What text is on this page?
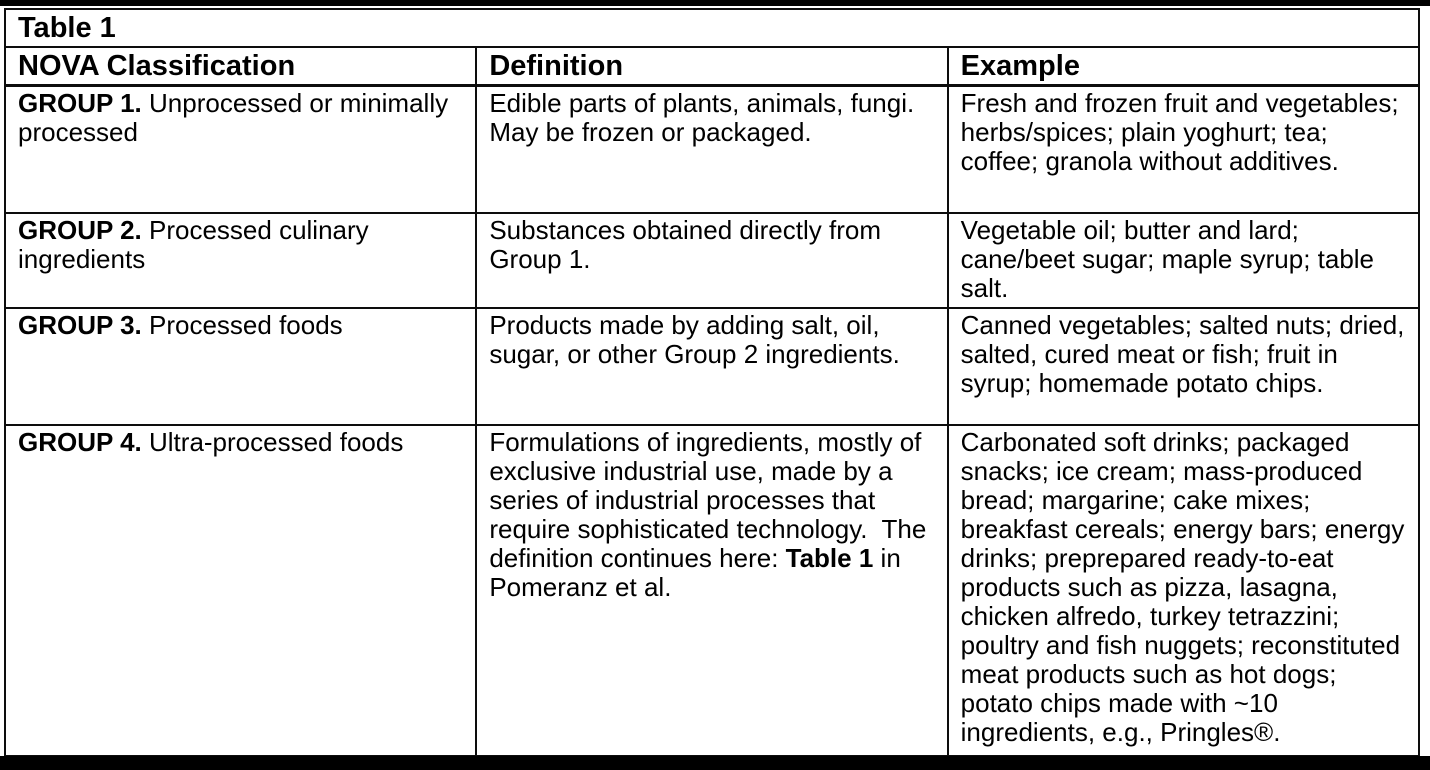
Table 1		
NOVA Classification	Definition	Example
GROUP 1. Unprocessed or minimally processed	Edible parts of plants, animals, fungi.  May be frozen or packaged.	Fresh and frozen fruit and vegetables; herbs/spices; plain yoghurt; tea; coffee; granola without additives.
GROUP 2. Processed culinary ingredients	Substances obtained directly from Group 1.	Vegetable oil; butter and lard; cane/beet sugar; maple syrup; table salt.
GROUP 3. Processed foods	Products made by adding salt, oil, sugar, or other Group 2 ingredients.	Canned vegetables; salted nuts; dried, salted, cured meat or fish; fruit in syrup; homemade potato chips.
GROUP 4. Ultra-processed foods	Formulations of ingredients, mostly of exclusive industrial use, made by a series of industrial processes that require sophisticated technology.  The definition continues here: Table 1 in Pomeranz et al.	Carbonated soft drinks; packaged snacks; ice cream; mass-produced bread; margarine; cake mixes; breakfast cereals; energy bars; energy drinks; preprepared ready-to-eat products such as pizza, lasagna, chicken alfredo, turkey tetrazzini; poultry and fish nuggets; reconstituted meat products such as hot dogs; potato chips made with ~10 ingredients, e.g., Pringles®.
